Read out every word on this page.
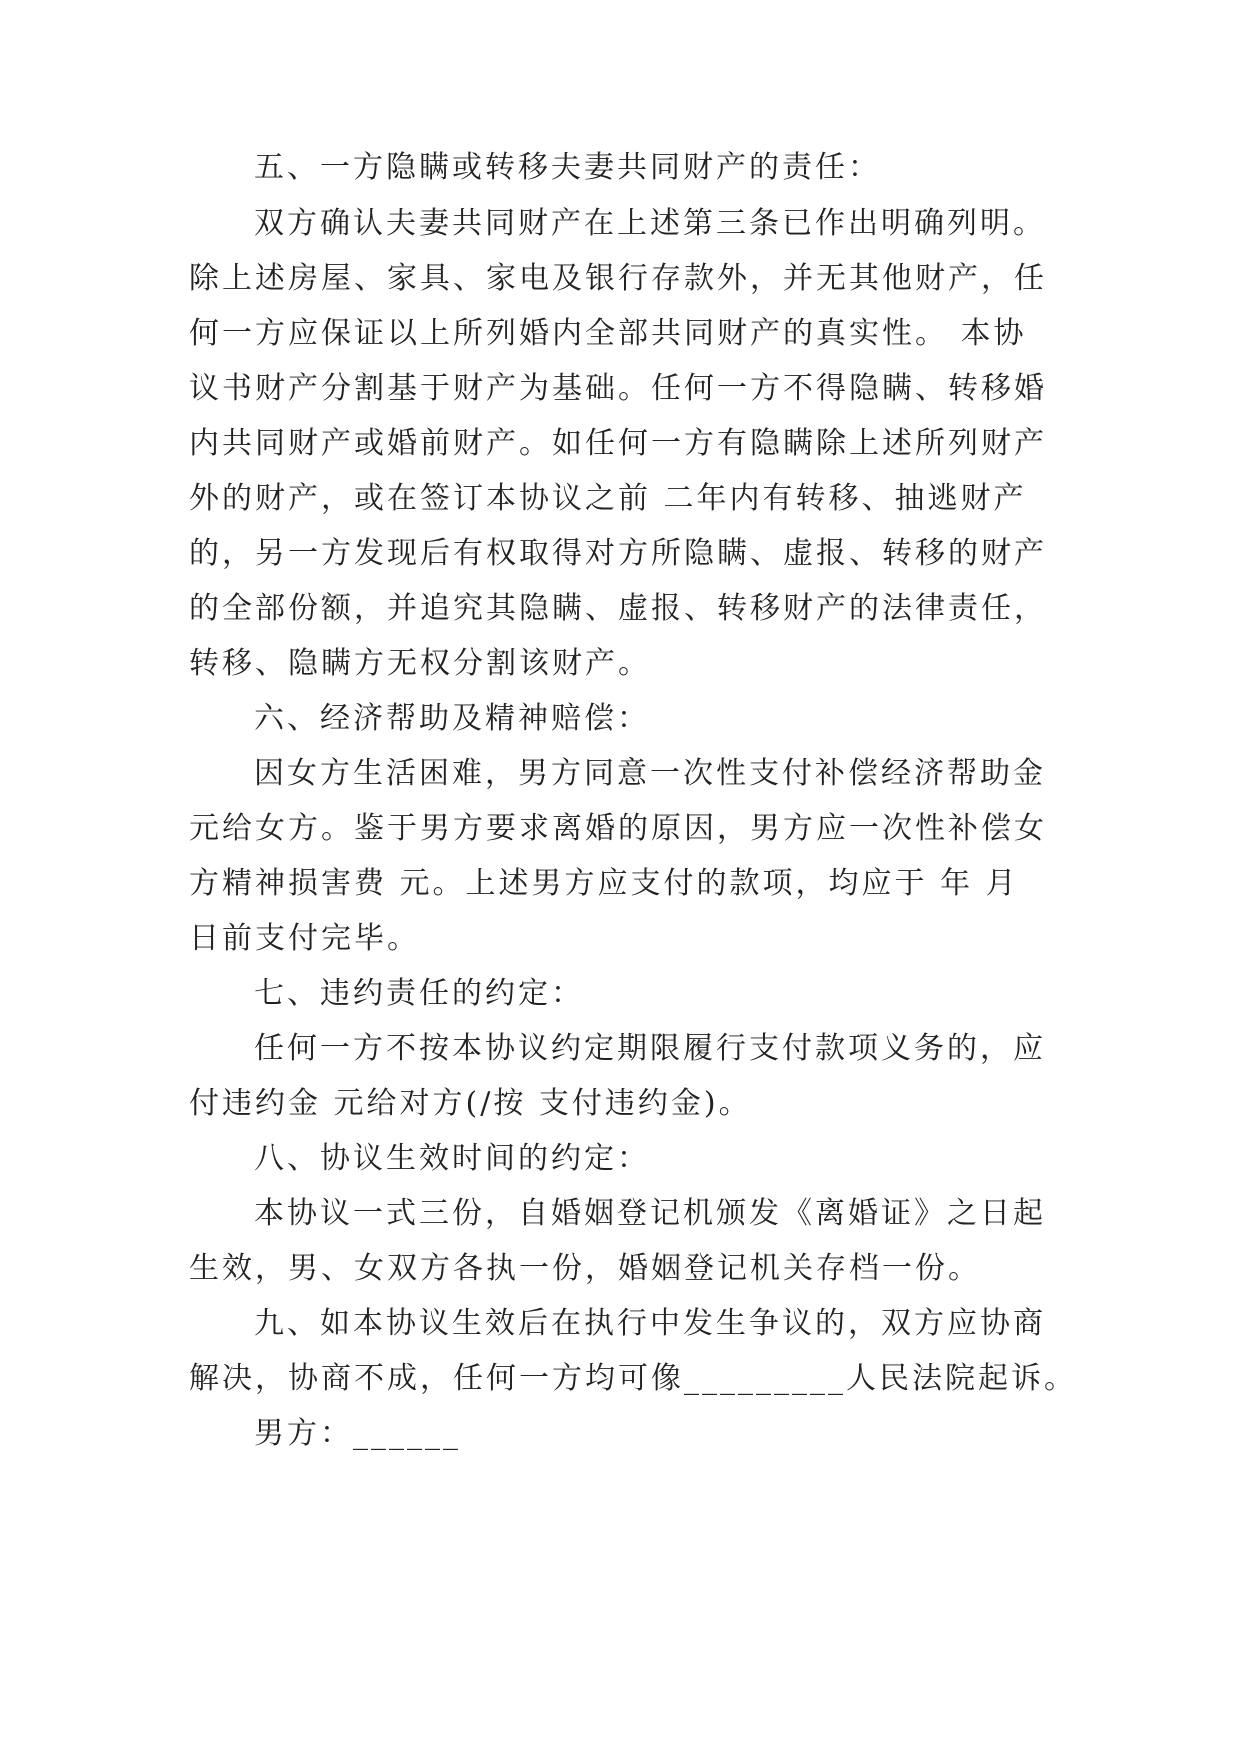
五、一方隐瞒或转移夫妻共同财产的责任：
双方确认夫妻共同财产在上述第三条已作出明确列明。
除上述房屋、家具、家电及银行存款外，并无其他财产，任
何一方应保证以上所列婚内全部共同财产的真实性。 本协
议书财产分割基于财产为基础。任何一方不得隐瞒、转移婚
内共同财产或婚前财产。如任何一方有隐瞒除上述所列财产
外的财产，或在签订本协议之前 二年内有转移、抽逃财产
的，另一方发现后有权取得对方所隐瞒、虚报、转移的财产
的全部份额，并追究其隐瞒、虚报、转移财产的法律责任，
转移、隐瞒方无权分割该财产。
六、经济帮助及精神赔偿：
因女方生活困难，男方同意一次性支付补偿经济帮助金
元给女方。鉴于男方要求离婚的原因，男方应一次性补偿女
方精神损害费 元。上述男方应支付的款项，均应于 年 月
日前支付完毕。
七、违约责任的约定：
任何一方不按本协议约定期限履行支付款项义务的，应
付违约金 元给对方(/按 支付违约金)。
八、协议生效时间的约定：
本协议一式三份，自婚姻登记机颁发《离婚证》之日起
生效，男、女双方各执一份，婚姻登记机关存档一份。
九、如本协议生效后在执行中发生争议的，双方应协商
解决，协商不成，任何一方均可像_________人民法院起诉。
男方：______
